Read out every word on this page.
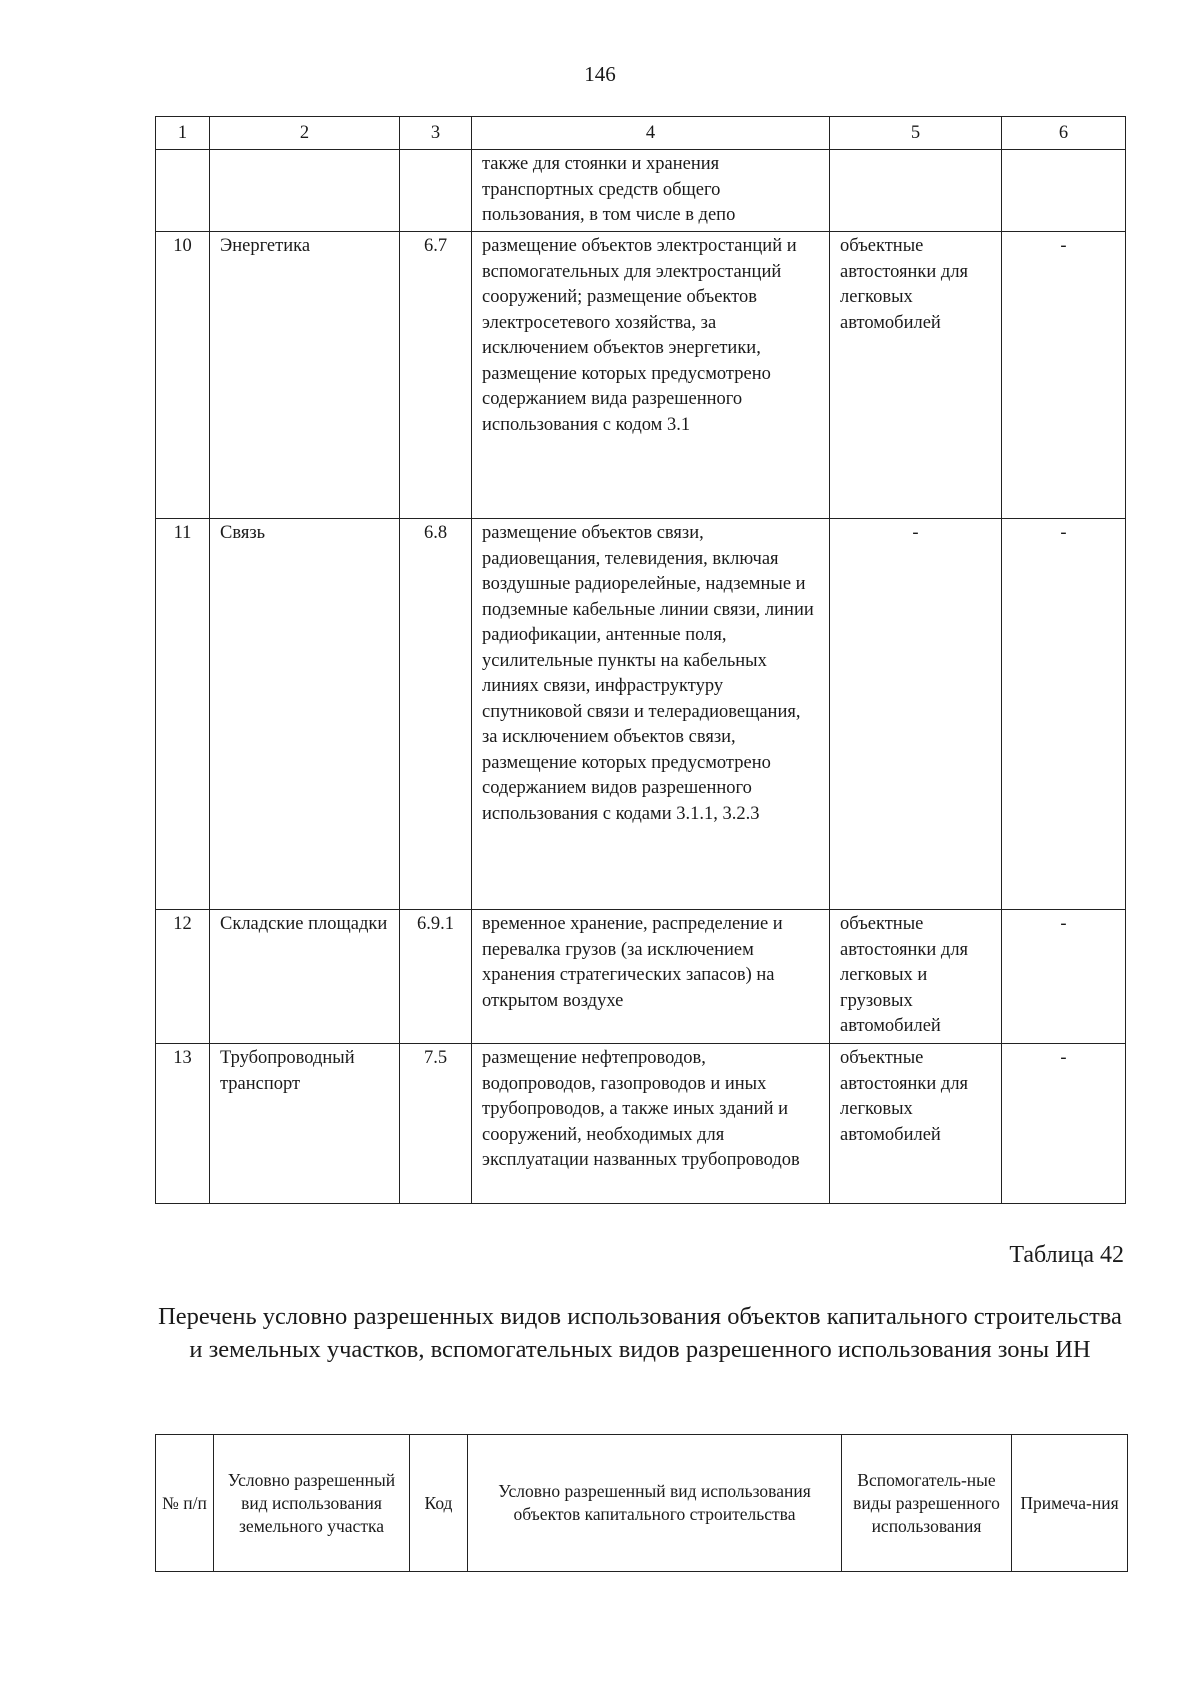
146
1	2	3	4	5	6
			также для стоянки и хранения транспортных средств общего пользования, в том числе в депо		
10	Энергетика	6.7	размещение объектов электростанций и вспомогательных для электростанций сооружений; размещение объектов электросетевого хозяйства, за исключением объектов энергетики, размещение которых предусмотрено содержанием вида разрешенного использования с кодом 3.1	объектные автостоянки для легковых автомобилей	-
11	Связь	6.8	размещение объектов связи, радиовещания, телевидения, включая воздушные радиорелейные, надземные и подземные кабельные линии связи, линии радиофикации, антенные поля, усилительные пункты на кабельных линиях связи, инфраструктуру спутниковой связи и телерадиовещания, за исключением объектов связи, размещение которых предусмотрено содержанием видов разрешенного использования с кодами 3.1.1, 3.2.3	-	-
12	Складские площадки	6.9.1	временное хранение, распределение и перевалка грузов (за исключением хранения стратегических запасов) на открытом воздухе	объектные автостоянки для легковых и грузовых автомобилей	-
13	Трубопроводный транспорт	7.5	размещение нефтепроводов, водопроводов, газопроводов и иных трубопроводов, а также иных зданий и сооружений, необходимых для эксплуатации названных трубопроводов	объектные автостоянки для легковых автомобилей	-
Таблица 42
Перечень условно разрешенных видов использования объектов капитального строительства и земельных участков, вспомогательных видов разрешенного использования зоны ИН
№ п/п	Условно разрешенный вид использования земельного участка	Код	Условно разрешенный вид использования объектов капитального строительства	Вспомогатель-ные виды разрешенного использования	Примеча-ния
